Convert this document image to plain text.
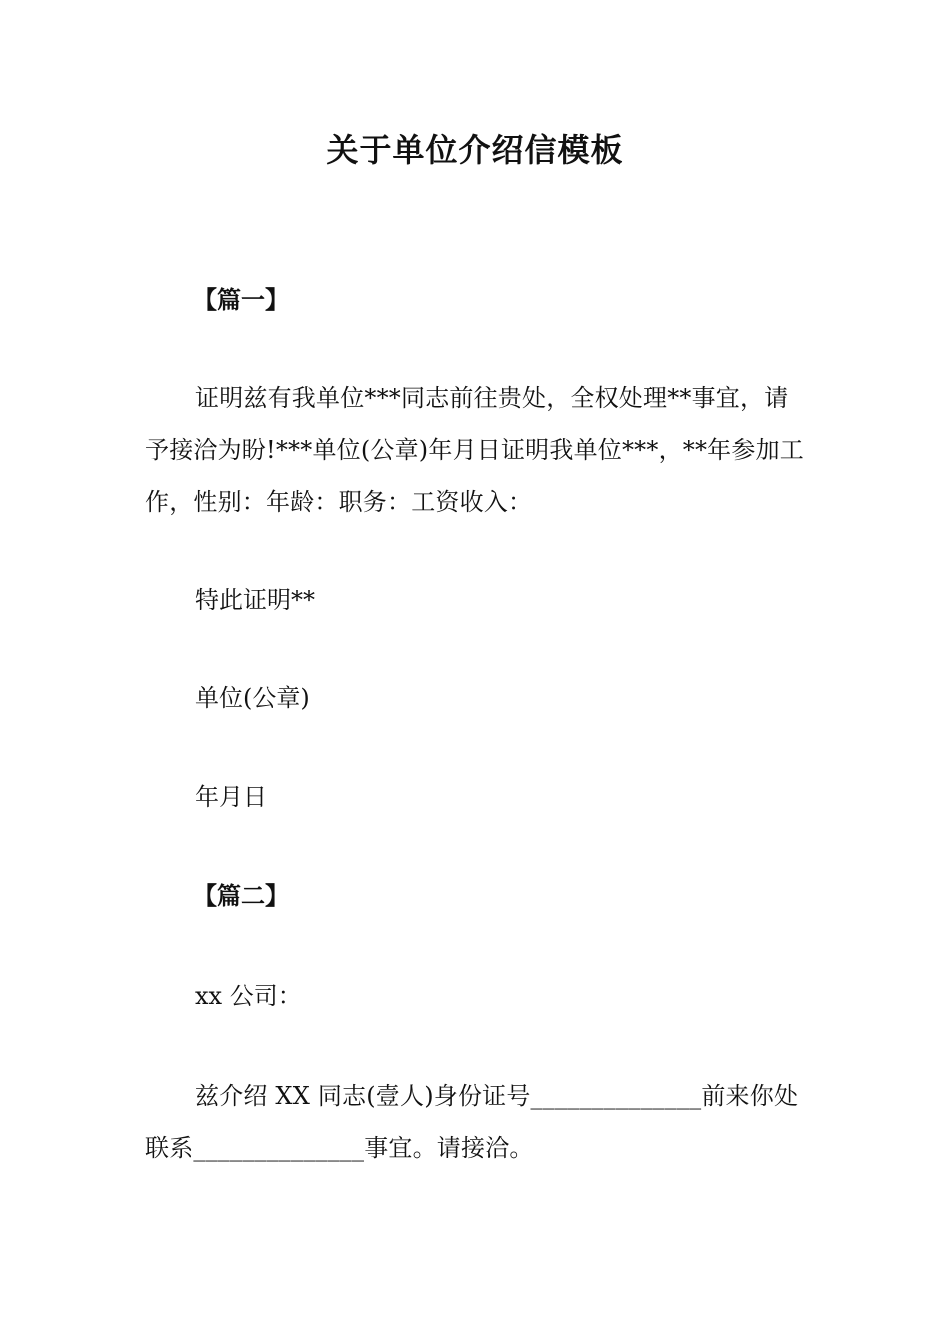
关于单位介绍信模板
【篇一】

证明兹有我单位***同志前往贵处，全权处理**事宜，请予接洽为盼!***单位(公章)年月日证明我单位***，**年参加工作，性别：年龄：职务：工资收入：

特此证明**
单位(公章)
年月日
【篇二】
xx 公司：

兹介绍 XX 同志(壹人)身份证号______________前来你处联系______________事宜。请接洽。
